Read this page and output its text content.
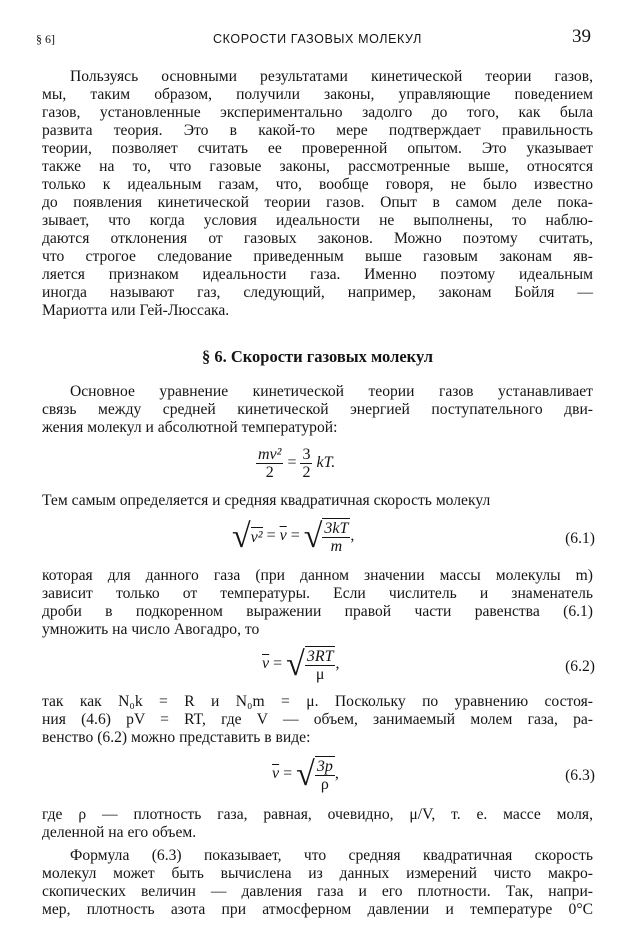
§ 6]	СКОРОСТИ ГАЗОВЫХ МОЛЕКУЛ	39
Пользуясь основными результатами кинетической теории газов,
мы, таким образом, получили законы, управляющие поведением
газов, установленные экспериментально задолго до того, как была
развита теория. Это в какой-то мере подтверждает правильность
теории, позволяет считать ее проверенной опытом. Это указывает
также на то, что газовые законы, рассмотренные выше, относятся
только к идеальным газам, что, вообще говоря, не было известно
до появления кинетической теории газов. Опыт в самом деле пока-
зывает, что когда условия идеальности не выполнены, то наблю-
даются отклонения от газовых законов. Можно поэтому считать,
что строгое следование приведенным выше газовым законам яв-
ляется признаком идеальности газа. Именно поэтому идеальным
иногда называют газ, следующий, например, законам Бойля —
Мариотта или Гей-Люссака.
§ 6. Скорости газовых молекул
Основное уравнение кинетической теории газов устанавливает
связь между средней кинетической энергией поступательного дви-
жения молекул и абсолютной температурой:
$\frac{\text{mv²}}{2} = \frac{3}{2}$ kT.
Тем самым определяется и средняя квадратичная скорость молекул
$√v^2 = \overline{v}$ = √ $\frac{3kT}{m}$ ,	(6.1)
которая для данного газа (при данном значении массы молекулы m)
зависит только от температуры. Если числитель и знаменатель
дроби в подкоренном выражении правой части равенства (6.1)
умножить на число Авогадро, то
$\overline{v}$ = √ $\frac{3RT}{\mu}$ ,	(6.2)
так как N₀k = R и N₀m = μ. Поскольку по уравнению состоя-
ния (4.6) pV = RT, где V — объем, занимаемый молем газа, ра-
венство (6.2) можно представить в виде:
$\overline{v}$ = √ $\frac{3p}{\rho}$ ,	(6.3)
где ρ — плотность газа, равная, очевидно, μ/V, т. е. массе моля,
деленной на его объем.
Формула (6.3) показывает, что средняя квадратичная скорость
молекул может быть вычислена из данных измерений чисто макро-
скопических величин — давления газа и его плотности. Так, напри-
мер, плотность азота при атмосферном давлении и температуре 0°C
